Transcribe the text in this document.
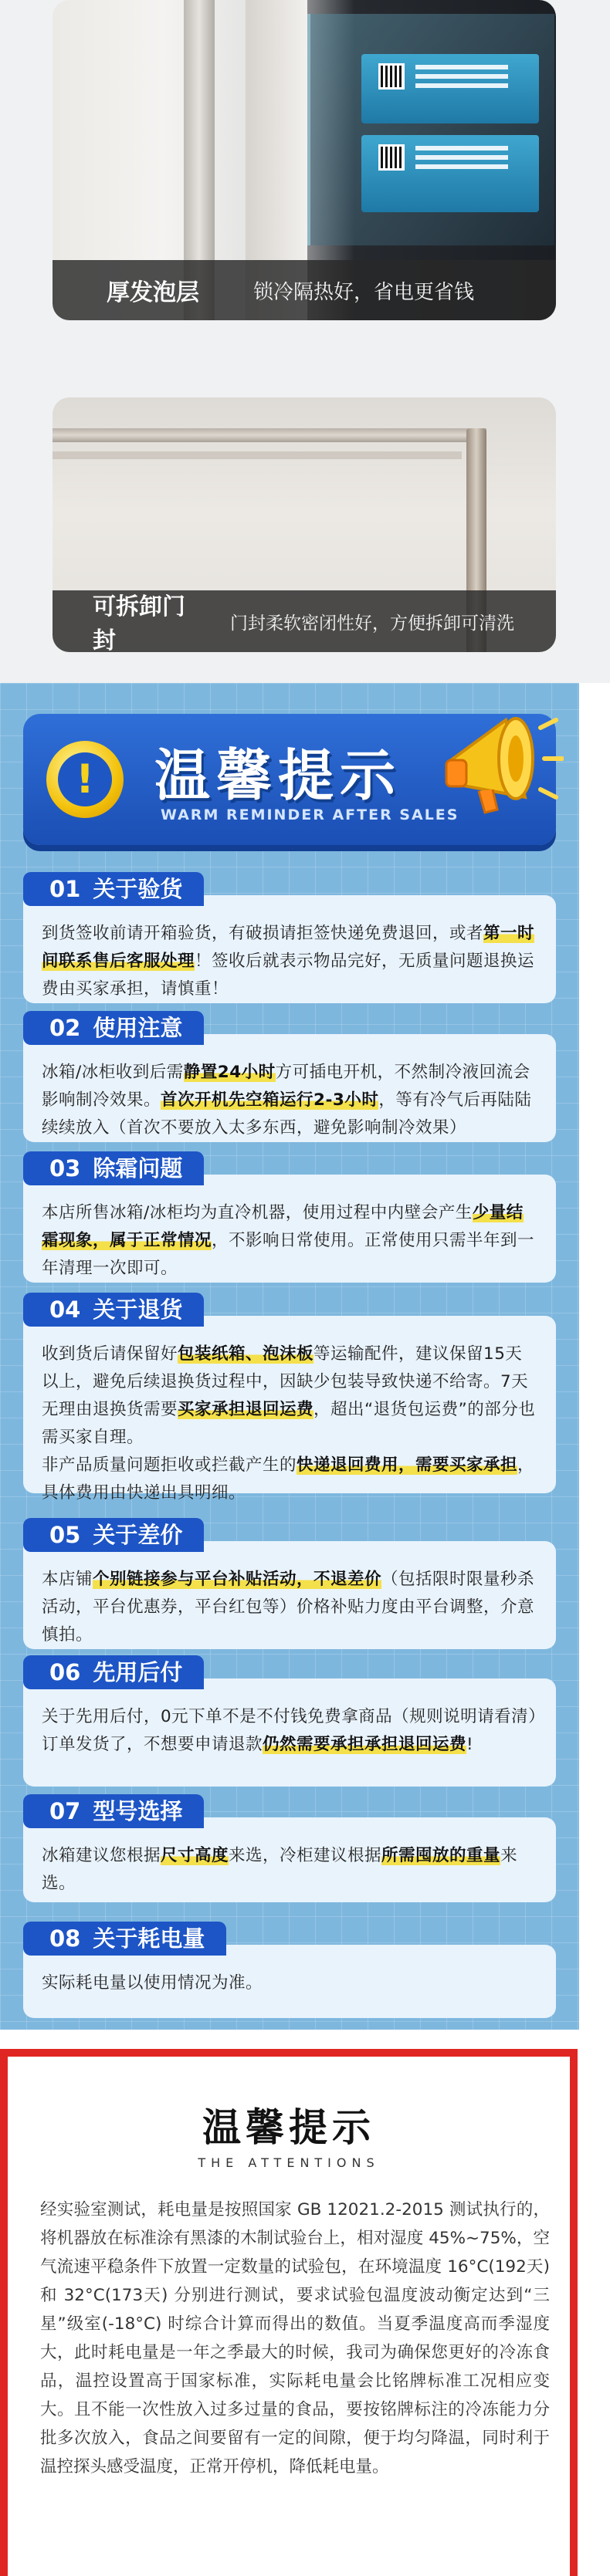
厚发泡层	锁冷隔热好，省电更省钱
可拆卸门封
门封柔软密闭性好，方便拆卸可清洗
!	温馨提示
WARM REMINDER AFTER SALES
01 关于验货
到货签收前请开箱验货，有破损请拒签快递免费退回，或者第一时间联系售后客服处理！签收后就表示物品完好，无质量问题退换运费由买家承担，请慎重！
02 使用注意
冰箱/冰柜收到后需静置24小时方可插电开机，不然制冷液回流会影响制冷效果。首次开机先空箱运行2-3小时，等有冷气后再陆陆续续放入（首次不要放入太多东西，避免影响制冷效果）
03 除霜问题
本店所售冰箱/冰柜均为直冷机器，使用过程中内壁会产生少量结霜现象，属于正常情况，不影响日常使用。正常使用只需半年到一年清理一次即可。
04 关于退货
收到货后请保留好包装纸箱、泡沫板等运输配件，建议保留15天以上，避免后续退换货过程中，因缺少包装导致快递不给寄。7天无理由退换货需要买家承担退回运费，超出“退货包运费”的部分也需买家自理。
非产品质量问题拒收或拦截产生的快递退回费用，需要买家承担，具体费用由快递出具明细。
05 关于差价
本店铺个别链接参与平台补贴活动，不退差价（包括限时限量秒杀活动，平台优惠券，平台红包等）价格补贴力度由平台调整，介意慎拍。
06 先用后付
关于先用后付，0元下单不是不付钱免费拿商品（规则说明请看清）订单发货了，不想要申请退款仍然需要承担承担退回运费!
07 型号选择
冰箱建议您根据尺寸高度来选，冷柜建议根据所需囤放的重量来选。
08 关于耗电量
实际耗电量以使用情况为准。
温馨提示
THE ATTENTIONS
经实验室测试，耗电量是按照国家 GB 12021.2-2015 测试执行的，将机器放在标准涂有黑漆的木制试验台上，相对湿度 45%~75%，空气流速平稳条件下放置一定数量的试验包，在环境温度 16°C(192天)和 32°C(173天) 分别进行测试，要求试验包温度波动衡定达到“三星”级室(-18°C) 时综合计算而得出的数值。当夏季温度高而季湿度大，此时耗电量是一年之季最大的时候，我司为确保您更好的冷冻食品，温控设置高于国家标准，实际耗电量会比铭牌标准工况相应变大。且不能一次性放入过多过量的食品，要按铭牌标注的冷冻能力分批多次放入，食品之间要留有一定的间隙，便于均匀降温，同时利于温控探头感受温度，正常开停机，降低耗电量。
